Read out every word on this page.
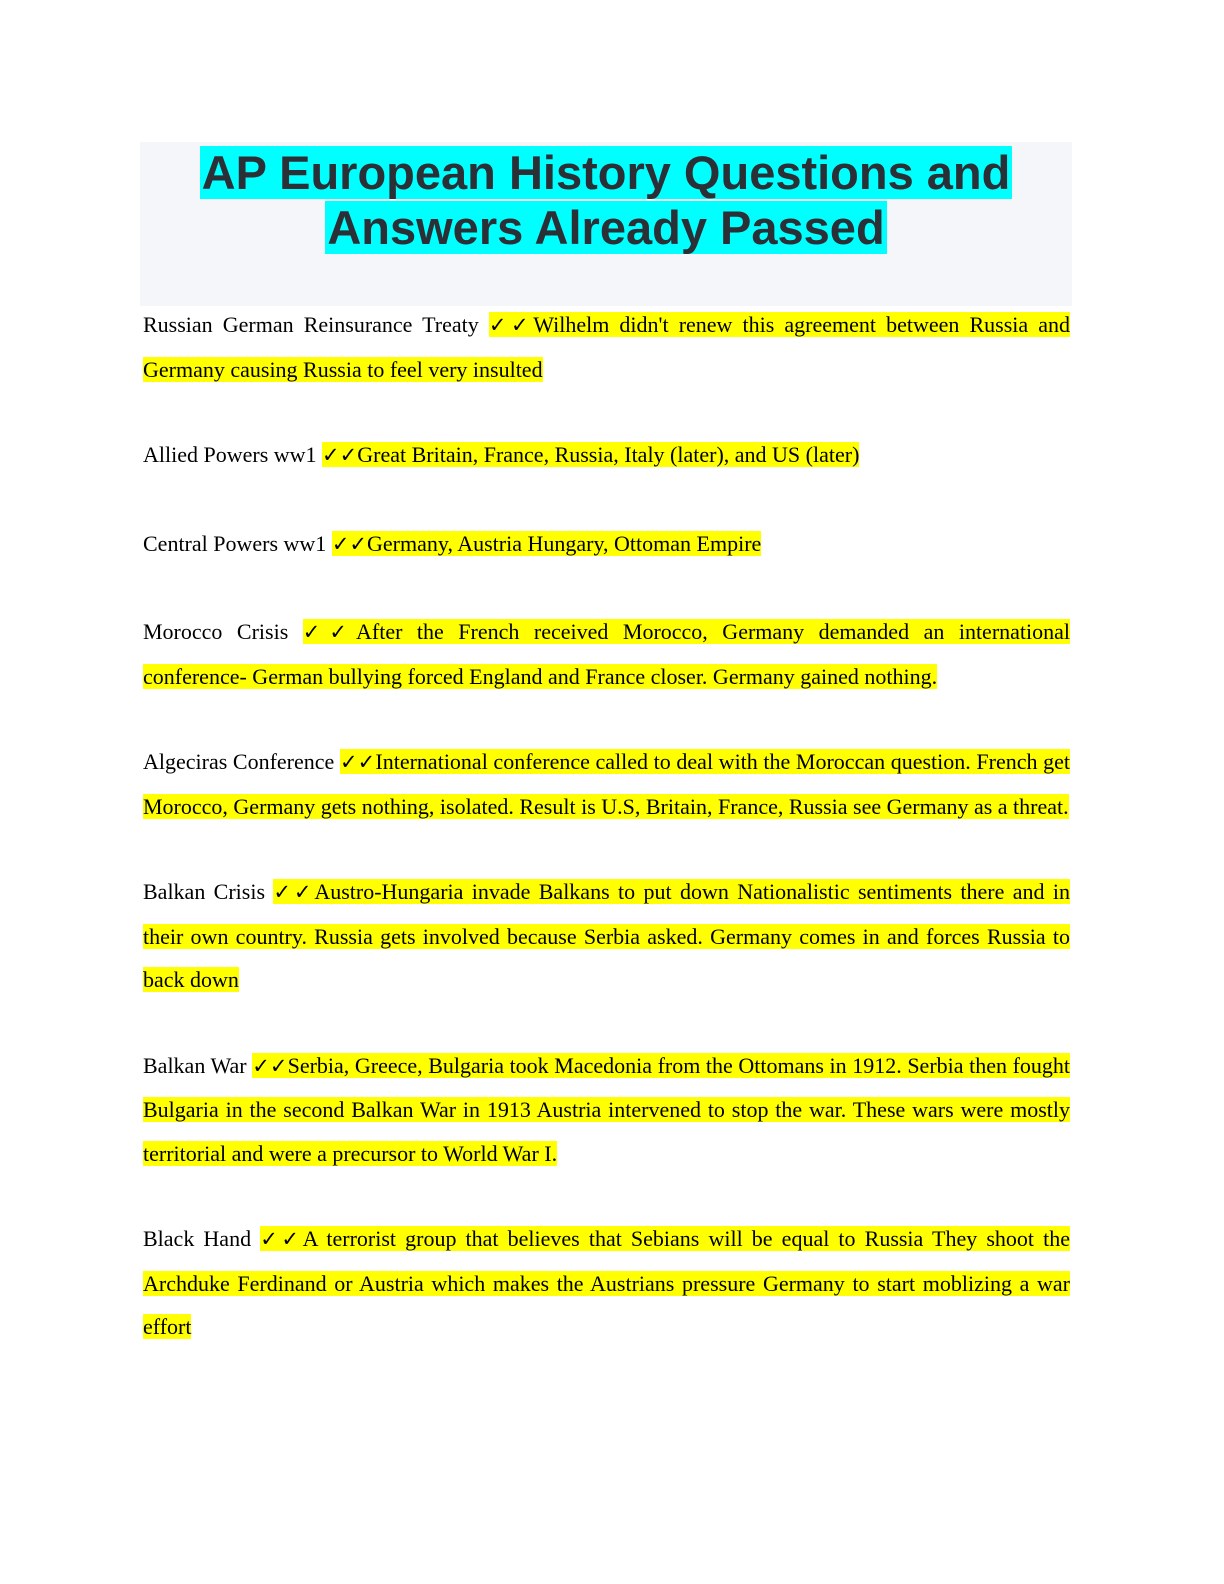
AP European History Questions and
Answers Already Passed

Russian German Reinsurance Treaty ✓✓Wilhelm didn't renew this agreement between Russia and Germany causing Russia to feel very insulted

Allied Powers ww1 ✓✓Great Britain, France, Russia, Italy (later), and US (later)

Central Powers ww1 ✓✓Germany, Austria Hungary, Ottoman Empire

Morocco Crisis ✓✓After the French received Morocco, Germany demanded an international conference- German bullying forced England and France closer. Germany gained nothing.

Algeciras Conference ✓✓International conference called to deal with the Moroccan question. French get Morocco, Germany gets nothing, isolated. Result is U.S, Britain, France, Russia see Germany as a threat.

Balkan Crisis ✓✓Austro-Hungaria invade Balkans to put down Nationalistic sentiments there and in their own country. Russia gets involved because Serbia asked. Germany comes in and forces Russia to back down

Balkan War ✓✓Serbia, Greece, Bulgaria took Macedonia from the Ottomans in 1912. Serbia then fought Bulgaria in the second Balkan War in 1913 Austria intervened to stop the war. These wars were mostly territorial and were a precursor to World War I.

Black Hand ✓✓A terrorist group that believes that Sebians will be equal to Russia They shoot the Archduke Ferdinand or Austria which makes the Austrians pressure Germany to start moblizing a war effort
